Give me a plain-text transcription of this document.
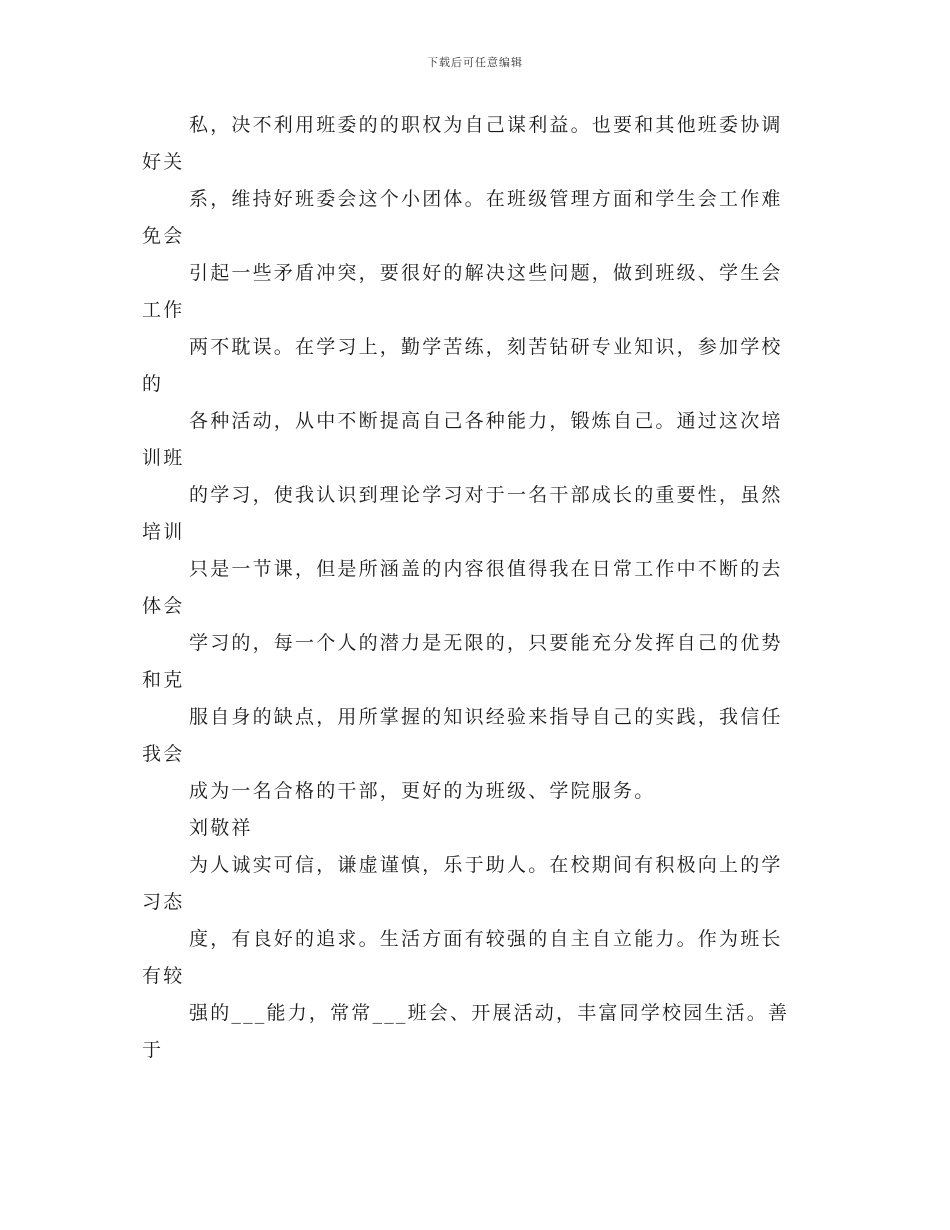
下载后可任意编辑
私，决不利用班委的的职权为自己谋利益。也要和其他班委协调
好关
系，维持好班委会这个小团体。在班级管理方面和学生会工作难
免会
引起一些矛盾冲突，要很好的解决这些问题，做到班级、学生会
工作
两不耽误。在学习上，勤学苦练，刻苦钻研专业知识，参加学校
的
各种活动，从中不断提高自己各种能力，锻炼自己。通过这次培
训班
的学习，使我认识到理论学习对于一名干部成长的重要性，虽然
培训
只是一节课，但是所涵盖的内容很值得我在日常工作中不断的去
体会
学习的，每一个人的潜力是无限的，只要能充分发挥自己的优势
和克
服自身的缺点，用所掌握的知识经验来指导自己的实践，我信任
我会
成为一名合格的干部，更好的为班级、学院服务。
刘敬祥
为人诚实可信，谦虚谨慎，乐于助人。在校期间有积极向上的学
习态
度，有良好的追求。生活方面有较强的自主自立能力。作为班长
有较
强的___能力，常常___班会、开展活动，丰富同学校园生活。善
于
